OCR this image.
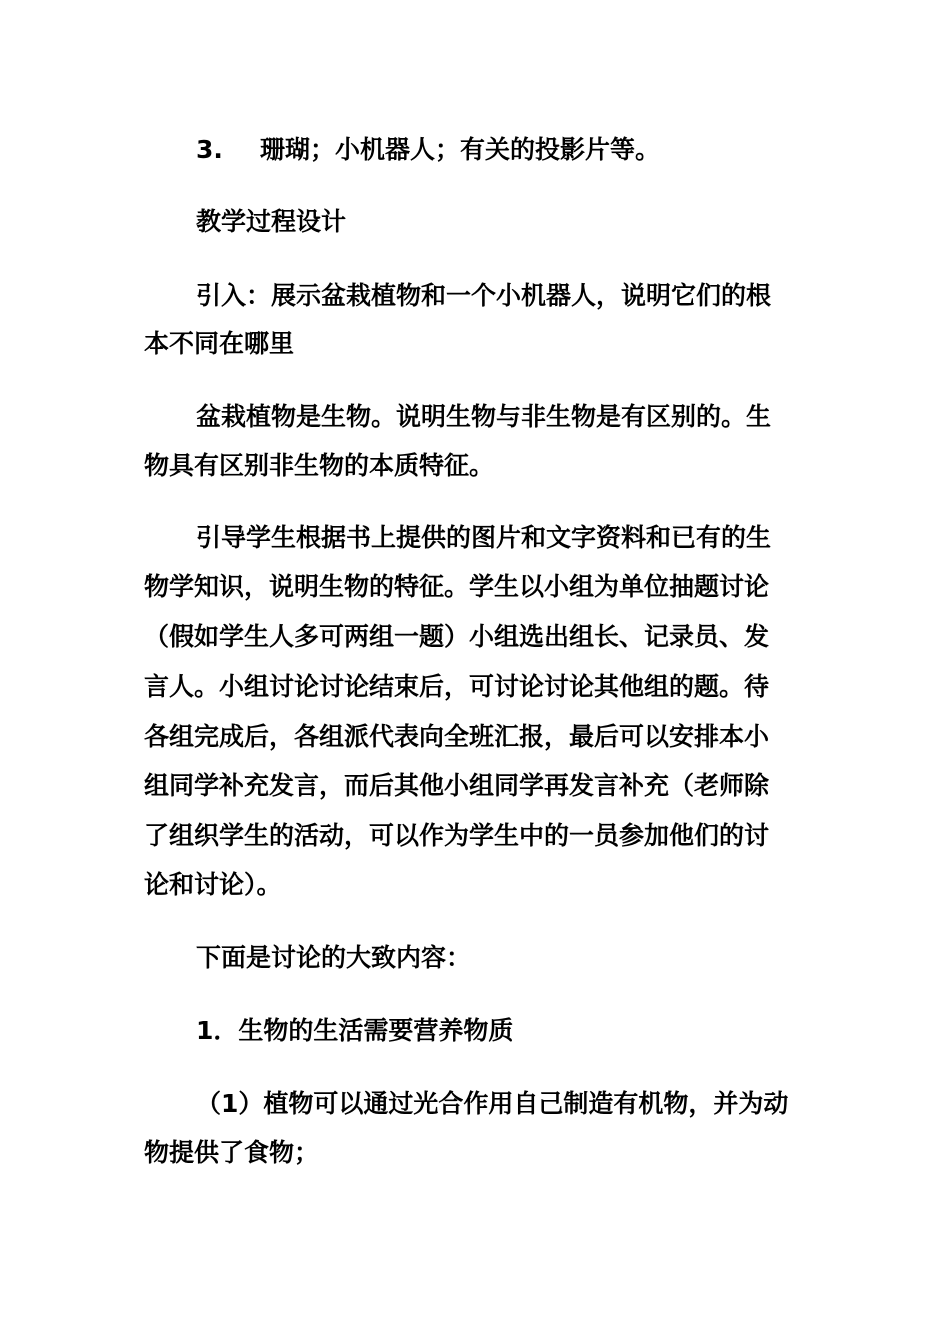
3. 珊瑚；小机器人；有关的投影片等。
教学过程设计
引入：展示盆栽植物和一个小机器人，说明它们的根
本不同在哪里
盆栽植物是生物。说明生物与非生物是有区别的。生
物具有区别非生物的本质特征。
引导学生根据书上提供的图片和文字资料和已有的生
物学知识，说明生物的特征。学生以小组为单位抽题讨论
（假如学生人多可两组一题）小组选出组长、记录员、发
言人。小组讨论讨论结束后，可讨论讨论其他组的题。待
各组完成后，各组派代表向全班汇报，最后可以安排本小
组同学补充发言，而后其他小组同学再发言补充（老师除
了组织学生的活动，可以作为学生中的一员参加他们的讨
论和讨论）。
下面是讨论的大致内容：
1．生物的生活需要营养物质
（1）植物可以通过光合作用自己制造有机物，并为动
物提供了食物；
